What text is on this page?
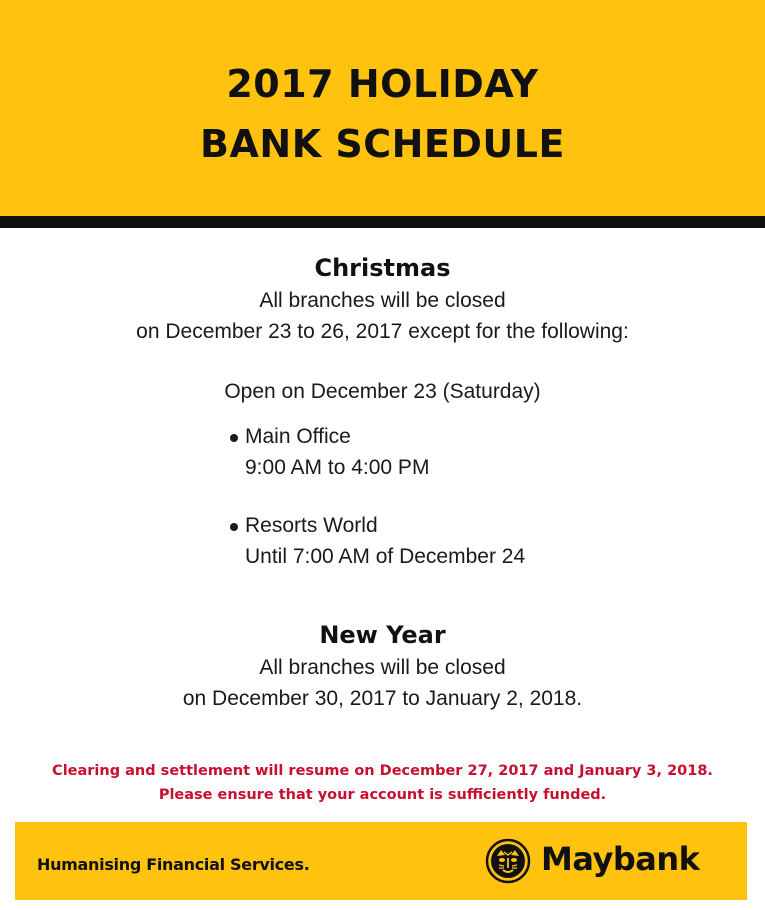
2017 HOLIDAY
BANK SCHEDULE
Christmas
All branches will be closed
on December 23 to 26, 2017 except for the following:
Open on December 23 (Saturday)
Main Office
9:00 AM to 4:00 PM
Resorts World
Until 7:00 AM of December 24
New Year
All branches will be closed
on December 30, 2017 to January 2, 2018.
Clearing and settlement will resume on December 27, 2017 and January 3, 2018.
Please ensure that your account is sufficiently funded.
Humanising Financial Services.	Maybank
